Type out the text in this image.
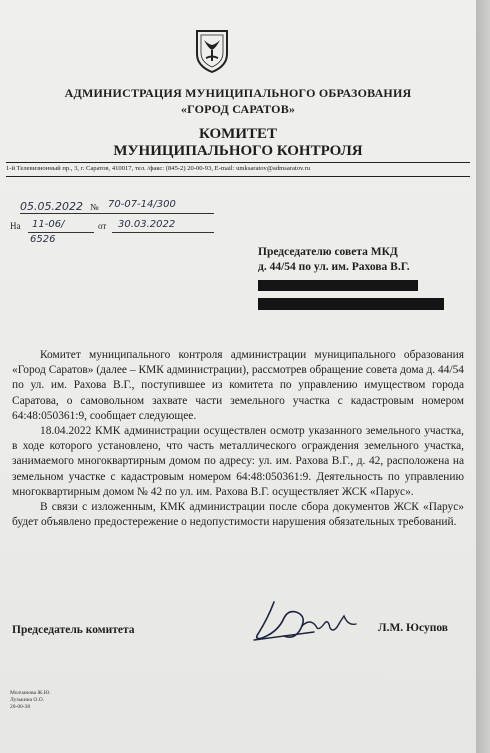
АДМИНИСТРАЦИЯ МУНИЦИПАЛЬНОГО ОБРАЗОВАНИЯ
«ГОРОД САРАТОВ»
КОМИТЕТ
МУНИЦИПАЛЬНОГО КОНТРОЛЯ
1-й Телевизионный пр., 3, г. Саратов, 410017, тел. /факс: (845-2) 20-00-93, E-mail: umksaratov@admsaratov.ru
05.05.2022 № 70-07-14/300
На 11-06/	от 30.03.2022
6526
Председателю совета МКД
д. 44/54 по ул. им. Рахова В.Г.

Комитет муниципального контроля администрации муниципального образования «Город Саратов» (далее – КМК администрации), рассмотрев обращение совета дома д. 44/54 по ул. им. Рахова В.Г., поступившее из комитета по управлению имуществом города Саратова, о самовольном захвате части земельного участка с кадастровым номером 64:48:050361:9, сообщает следующее.

18.04.2022 КМК администрации осуществлен осмотр указанного земельного участка, в ходе которого установлено, что часть металлического ограждения земельного участка, занимаемого многоквартирным домом по адресу: ул. им. Рахова В.Г., д. 42, расположена на земельном участке с кадастровым номером 64:48:050361:9. Деятельность по управлению многоквартирным домом № 42 по ул. им. Рахова В.Г. осуществляет ЖСК «Парус».

В связи с изложенным, КМК администрации после сбора документов ЖСК «Парус» будет объявлено предостережение о недопустимости нарушения обязательных требований.

Председатель комитета	Л.М. Юсупов
Молчанова Ж.Ю.
Лузькина О.О.
20-00-38
